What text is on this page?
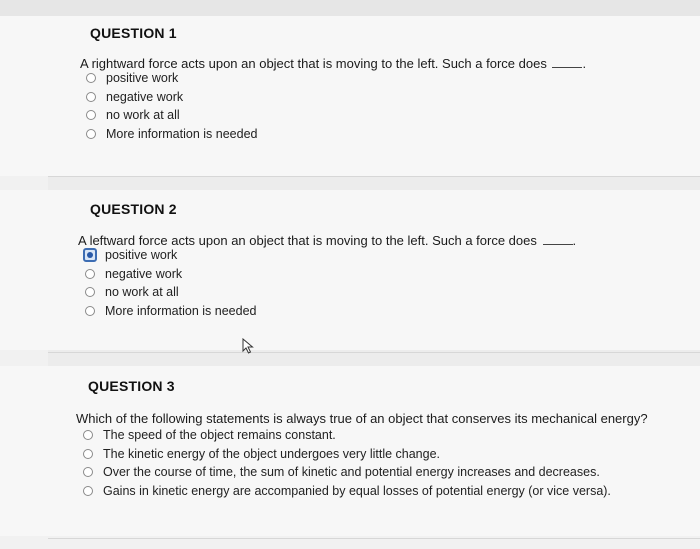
QUESTION 1
A rightward force acts upon an object that is moving to the left. Such a force does	.
positive work
negative work
no work at all
More information is needed
QUESTION 2
A leftward force acts upon an object that is moving to the left. Such a force does	.
positive work
negative work
no work at all
More information is needed
QUESTION 3
Which of the following statements is always true of an object that conserves its mechanical energy?
The speed of the object remains constant.
The kinetic energy of the object undergoes very little change.
Over the course of time, the sum of kinetic and potential energy increases and decreases.
Gains in kinetic energy are accompanied by equal losses of potential energy (or vice versa).
